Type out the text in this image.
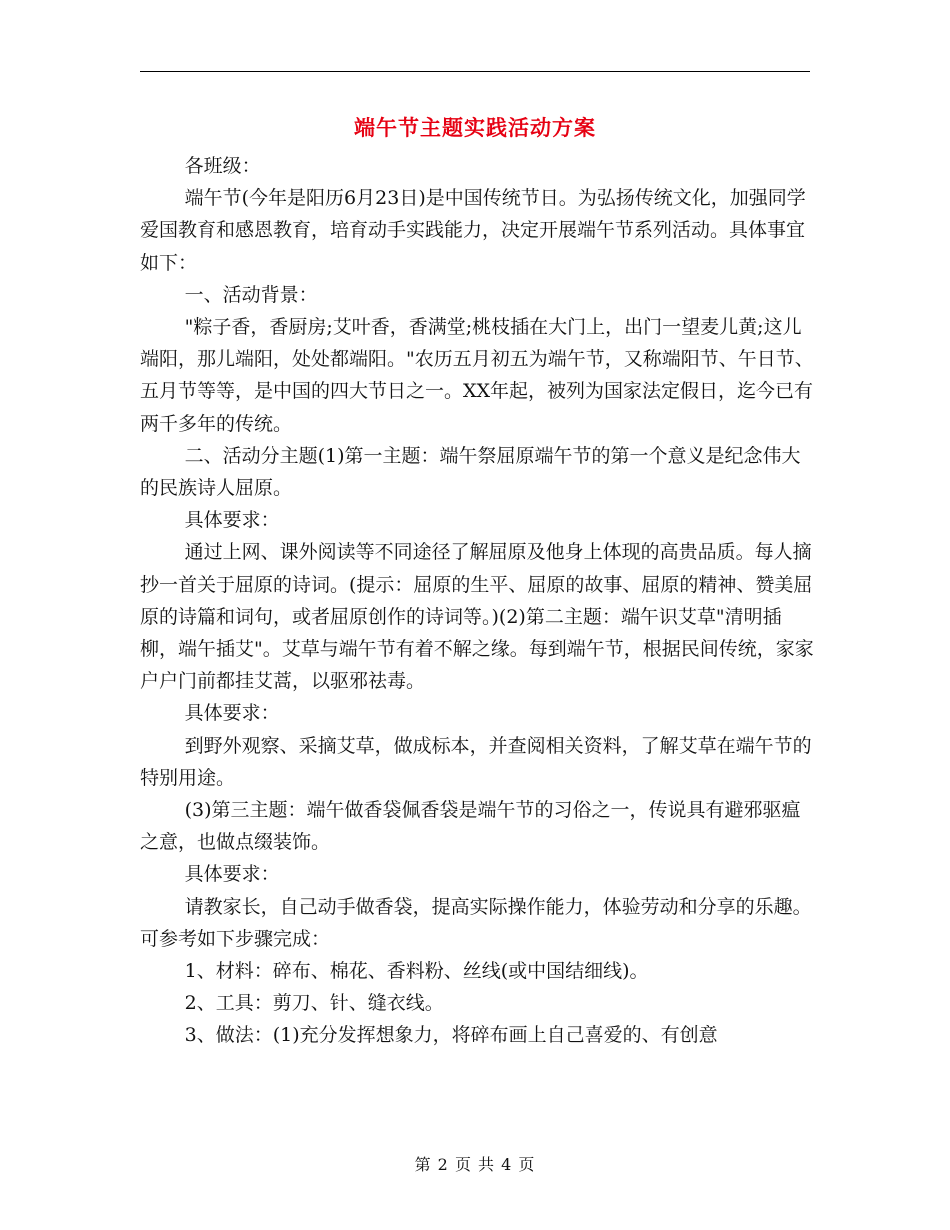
端午节主题实践活动方案

各班级：

端午节(今年是阳历6月23日)是中国传统节日。为弘扬传统文化，加强同学爱国教育和感恩教育，培育动手实践能力，决定开展端午节系列活动。具体事宜如下：

一、活动背景：

"粽子香，香厨房;艾叶香，香满堂;桃枝插在大门上，出门一望麦儿黄;这儿端阳，那儿端阳，处处都端阳。"农历五月初五为端午节，又称端阳节、午日节、五月节等等，是中国的四大节日之一。XX年起，被列为国家法定假日，迄今已有两千多年的传统。

二、活动分主题(1)第一主题：端午祭屈原端午节的第一个意义是纪念伟大的民族诗人屈原。

具体要求：

通过上网、课外阅读等不同途径了解屈原及他身上体现的高贵品质。每人摘抄一首关于屈原的诗词。(提示：屈原的生平、屈原的故事、屈原的精神、赞美屈原的诗篇和词句，或者屈原创作的诗词等。)(2)第二主题：端午识艾草"清明插柳，端午插艾"。艾草与端午节有着不解之缘。每到端午节，根据民间传统，家家户户门前都挂艾蒿，以驱邪祛毒。

具体要求：

到野外观察、采摘艾草，做成标本，并查阅相关资料，了解艾草在端午节的特别用途。

(3)第三主题：端午做香袋佩香袋是端午节的习俗之一，传说具有避邪驱瘟之意，也做点缀装饰。

具体要求：

请教家长，自己动手做香袋，提高实际操作能力，体验劳动和分享的乐趣。可参考如下步骤完成：

1、材料：碎布、棉花、香料粉、丝线(或中国结细线)。

2、工具：剪刀、针、缝衣线。

3、做法：(1)充分发挥想象力，将碎布画上自己喜爱的、有创意

第 2 页 共 4 页
